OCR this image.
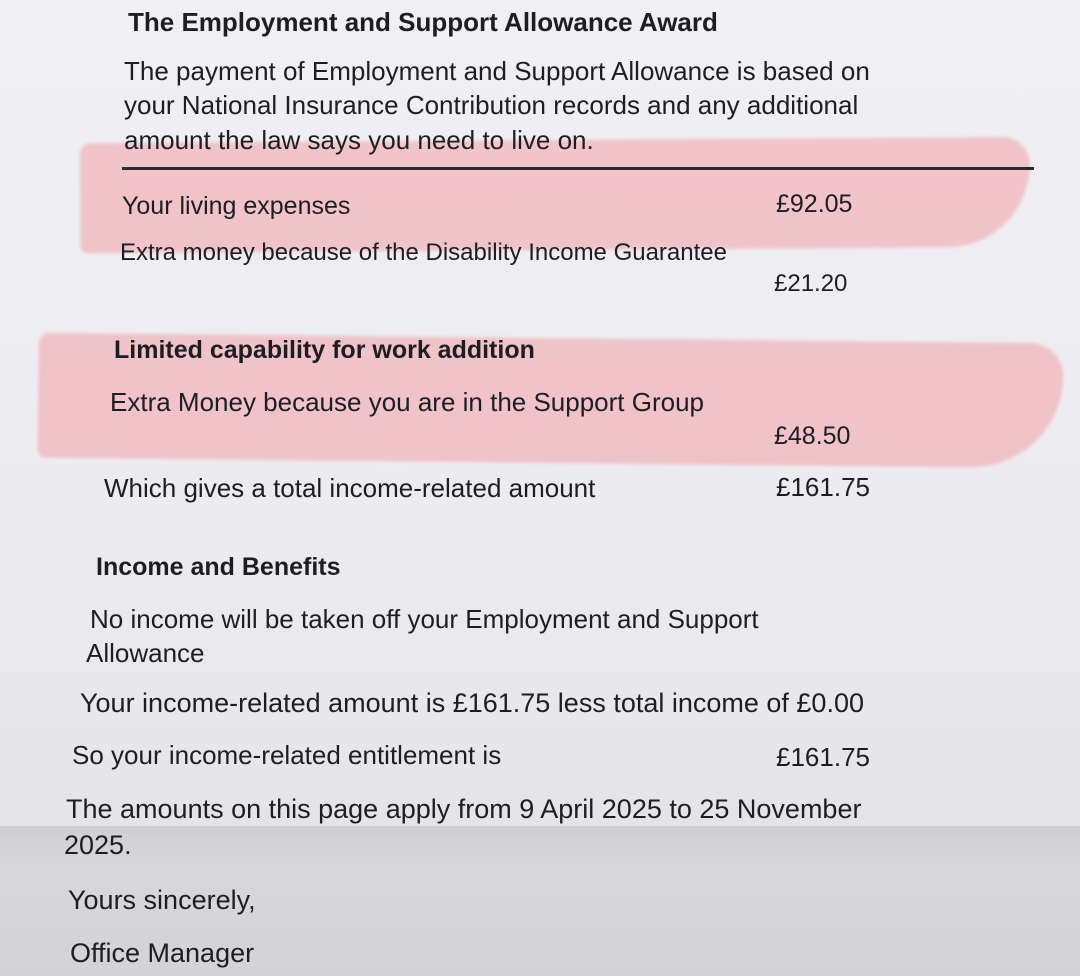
The Employment and Support Allowance Award
The payment of Employment and Support Allowance is based on
your National Insurance Contribution records and any additional
amount the law says you need to live on.
Your living expenses	£92.05
Extra money because of the Disability Income Guarantee
£21.20
Limited capability for work addition
Extra Money because you are in the Support Group
£48.50
Which gives a total income-related amount	£161.75
Income and Benefits
No income will be taken off your Employment and Support
Allowance
Your income-related amount is £161.75 less total income of £0.00
So your income-related entitlement is	£161.75
The amounts on this page apply from 9 April 2025 to 25 November
2025.
Yours sincerely,
Office Manager
